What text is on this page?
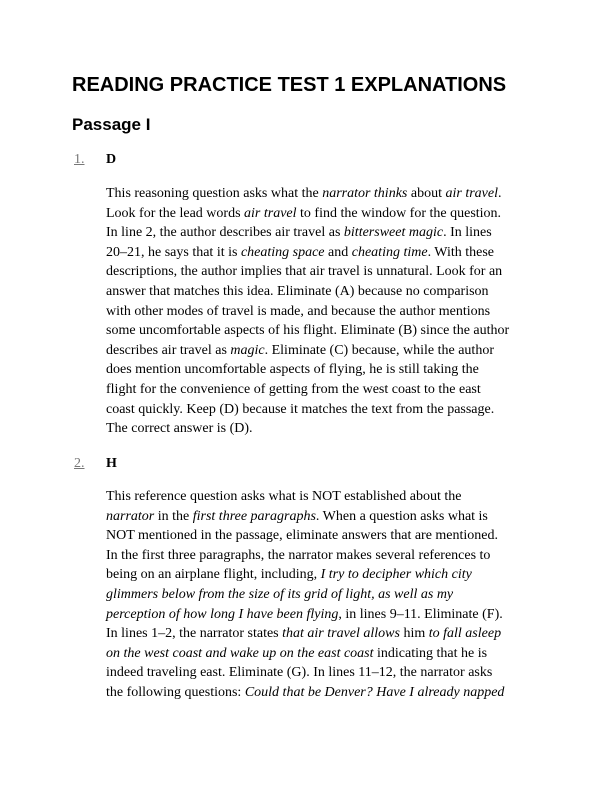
READING PRACTICE TEST 1 EXPLANATIONS
Passage I
1. D
This reasoning question asks what the narrator thinks about air travel.
Look for the lead words air travel to find the window for the question.
In line 2, the author describes air travel as bittersweet magic. In lines
20–21, he says that it is cheating space and cheating time. With these
descriptions, the author implies that air travel is unnatural. Look for an
answer that matches this idea. Eliminate (A) because no comparison
with other modes of travel is made, and because the author mentions
some uncomfortable aspects of his flight. Eliminate (B) since the author
describes air travel as magic. Eliminate (C) because, while the author
does mention uncomfortable aspects of flying, he is still taking the
flight for the convenience of getting from the west coast to the east
coast quickly. Keep (D) because it matches the text from the passage.
The correct answer is (D).
2. H
This reference question asks what is NOT established about the
narrator in the first three paragraphs. When a question asks what is
NOT mentioned in the passage, eliminate answers that are mentioned.
In the first three paragraphs, the narrator makes several references to
being on an airplane flight, including, I try to decipher which city
glimmers below from the size of its grid of light, as well as my
perception of how long I have been flying, in lines 9–11. Eliminate (F).
In lines 1–2, the narrator states that air travel allows him to fall asleep
on the west coast and wake up on the east coast indicating that he is
indeed traveling east. Eliminate (G). In lines 11–12, the narrator asks
the following questions: Could that be Denver? Have I already napped
